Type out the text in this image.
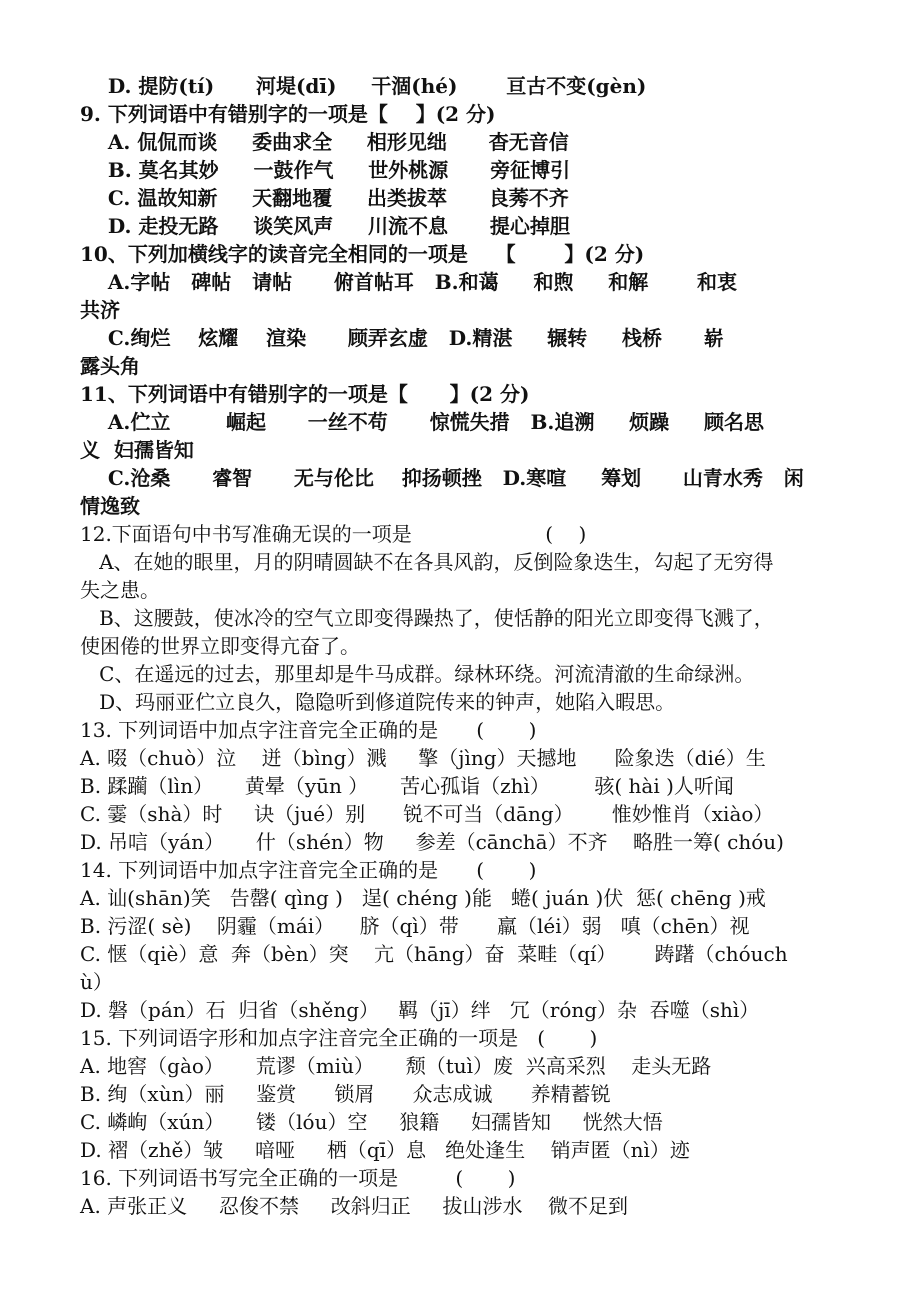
D. 提防(tí)      河堤(dī)     干涸(hé)       亘古不变(gèn)
9. 下列词语中有错别字的一项是【    】(2 分)
A. 侃侃而谈     委曲求全     相形见绌      杳无音信
B. 莫名其妙     一鼓作气     世外桃源      旁征博引
C. 温故知新     天翻地覆     出类拔萃      良莠不齐
D. 走投无路     谈笑风声     川流不息      提心掉胆
10、下列加横线字的读音完全相同的一项是    【       】(2 分)
A.字帖   碑帖   请帖      俯首帖耳   B.和蔼     和煦     和解       和衷
共济
C.绚烂    炫耀    渲染      顾弄玄虚   D.精湛     辗转     栈桥      崭
露头角
11、下列词语中有错别字的一项是【      】(2 分)
A.伫立        崛起      一丝不苟      惊慌失措   B.追溯     烦躁     顾名思
义  妇孺皆知
C.沧桑      睿智      无与伦比    抑扬顿挫   D.寒喧     筹划      山青水秀   闲
情逸致
12.下面语句中书写准确无误的一项是                     (    )
A、在她的眼里，月的阴晴圆缺不在各具风韵，反倒险象迭生，勾起了无穷得
失之患。
B、这腰鼓，使冰冷的空气立即变得躁热了，使恬静的阳光立即变得飞溅了，
使困倦的世界立即变得亢奋了。
C、在遥远的过去，那里却是牛马成群。绿林环绕。河流清澈的生命绿洲。
D、玛丽亚伫立良久，隐隐听到修道院传来的钟声，她陷入暇思。
13. 下列词语中加点字注音完全正确的是      (       )
A. 啜（chuò）泣    迸（bìng）溅     擎（jìng）天撼地      险象迭（dié）生
B. 蹂躏（lìn）     黄晕（yūn ）     苦心孤诣（zhì）       骇( hài )人听闻
C. 霎（shà）时     诀（jué）别      锐不可当（dāng）      惟妙惟肖（xiào）
D. 吊唁（yán）     什（shén）物     参差（cānchā）不齐    略胜一筹( chóu)
14. 下列词语中加点字注音完全正确的是      (       )
A. 讪(shān)笑   告罄( qìng )   逞( chéng )能   蜷( juán )伏  惩( chēng )戒
B. 污涩( sè)    阴霾（mái）    脐（qì）带      羸（léi）弱   嗔（chēn）视
C. 惬（qiè）意  奔（bèn）突    亢（hāng）奋  菜畦（qí）      踌躇（chóuch
ù）
D. 磐（pán）石  归省（shěng）   羁（jī）绊   冗（róng）杂  吞噬（shì）
15. 下列词语字形和加点字注音完全正确的一项是   (       )
A. 地窖（gào）     荒谬（miù）     颓（tuì）废  兴高采烈    走头无路
B. 绚（xùn）丽     鉴赏      锁屑      众志成诚      养精蓄锐
C. 嶙峋（xún）     镂（lóu）空     狼籍     妇孺皆知     恍然大悟
D. 褶（zhě）皱     喑哑     栖（qī）息   绝处逢生    销声匿（nì）迹
16. 下列词语书写完全正确的一项是         (       )
A. 声张正义     忍俊不禁     改斜归正     拔山涉水    微不足到
